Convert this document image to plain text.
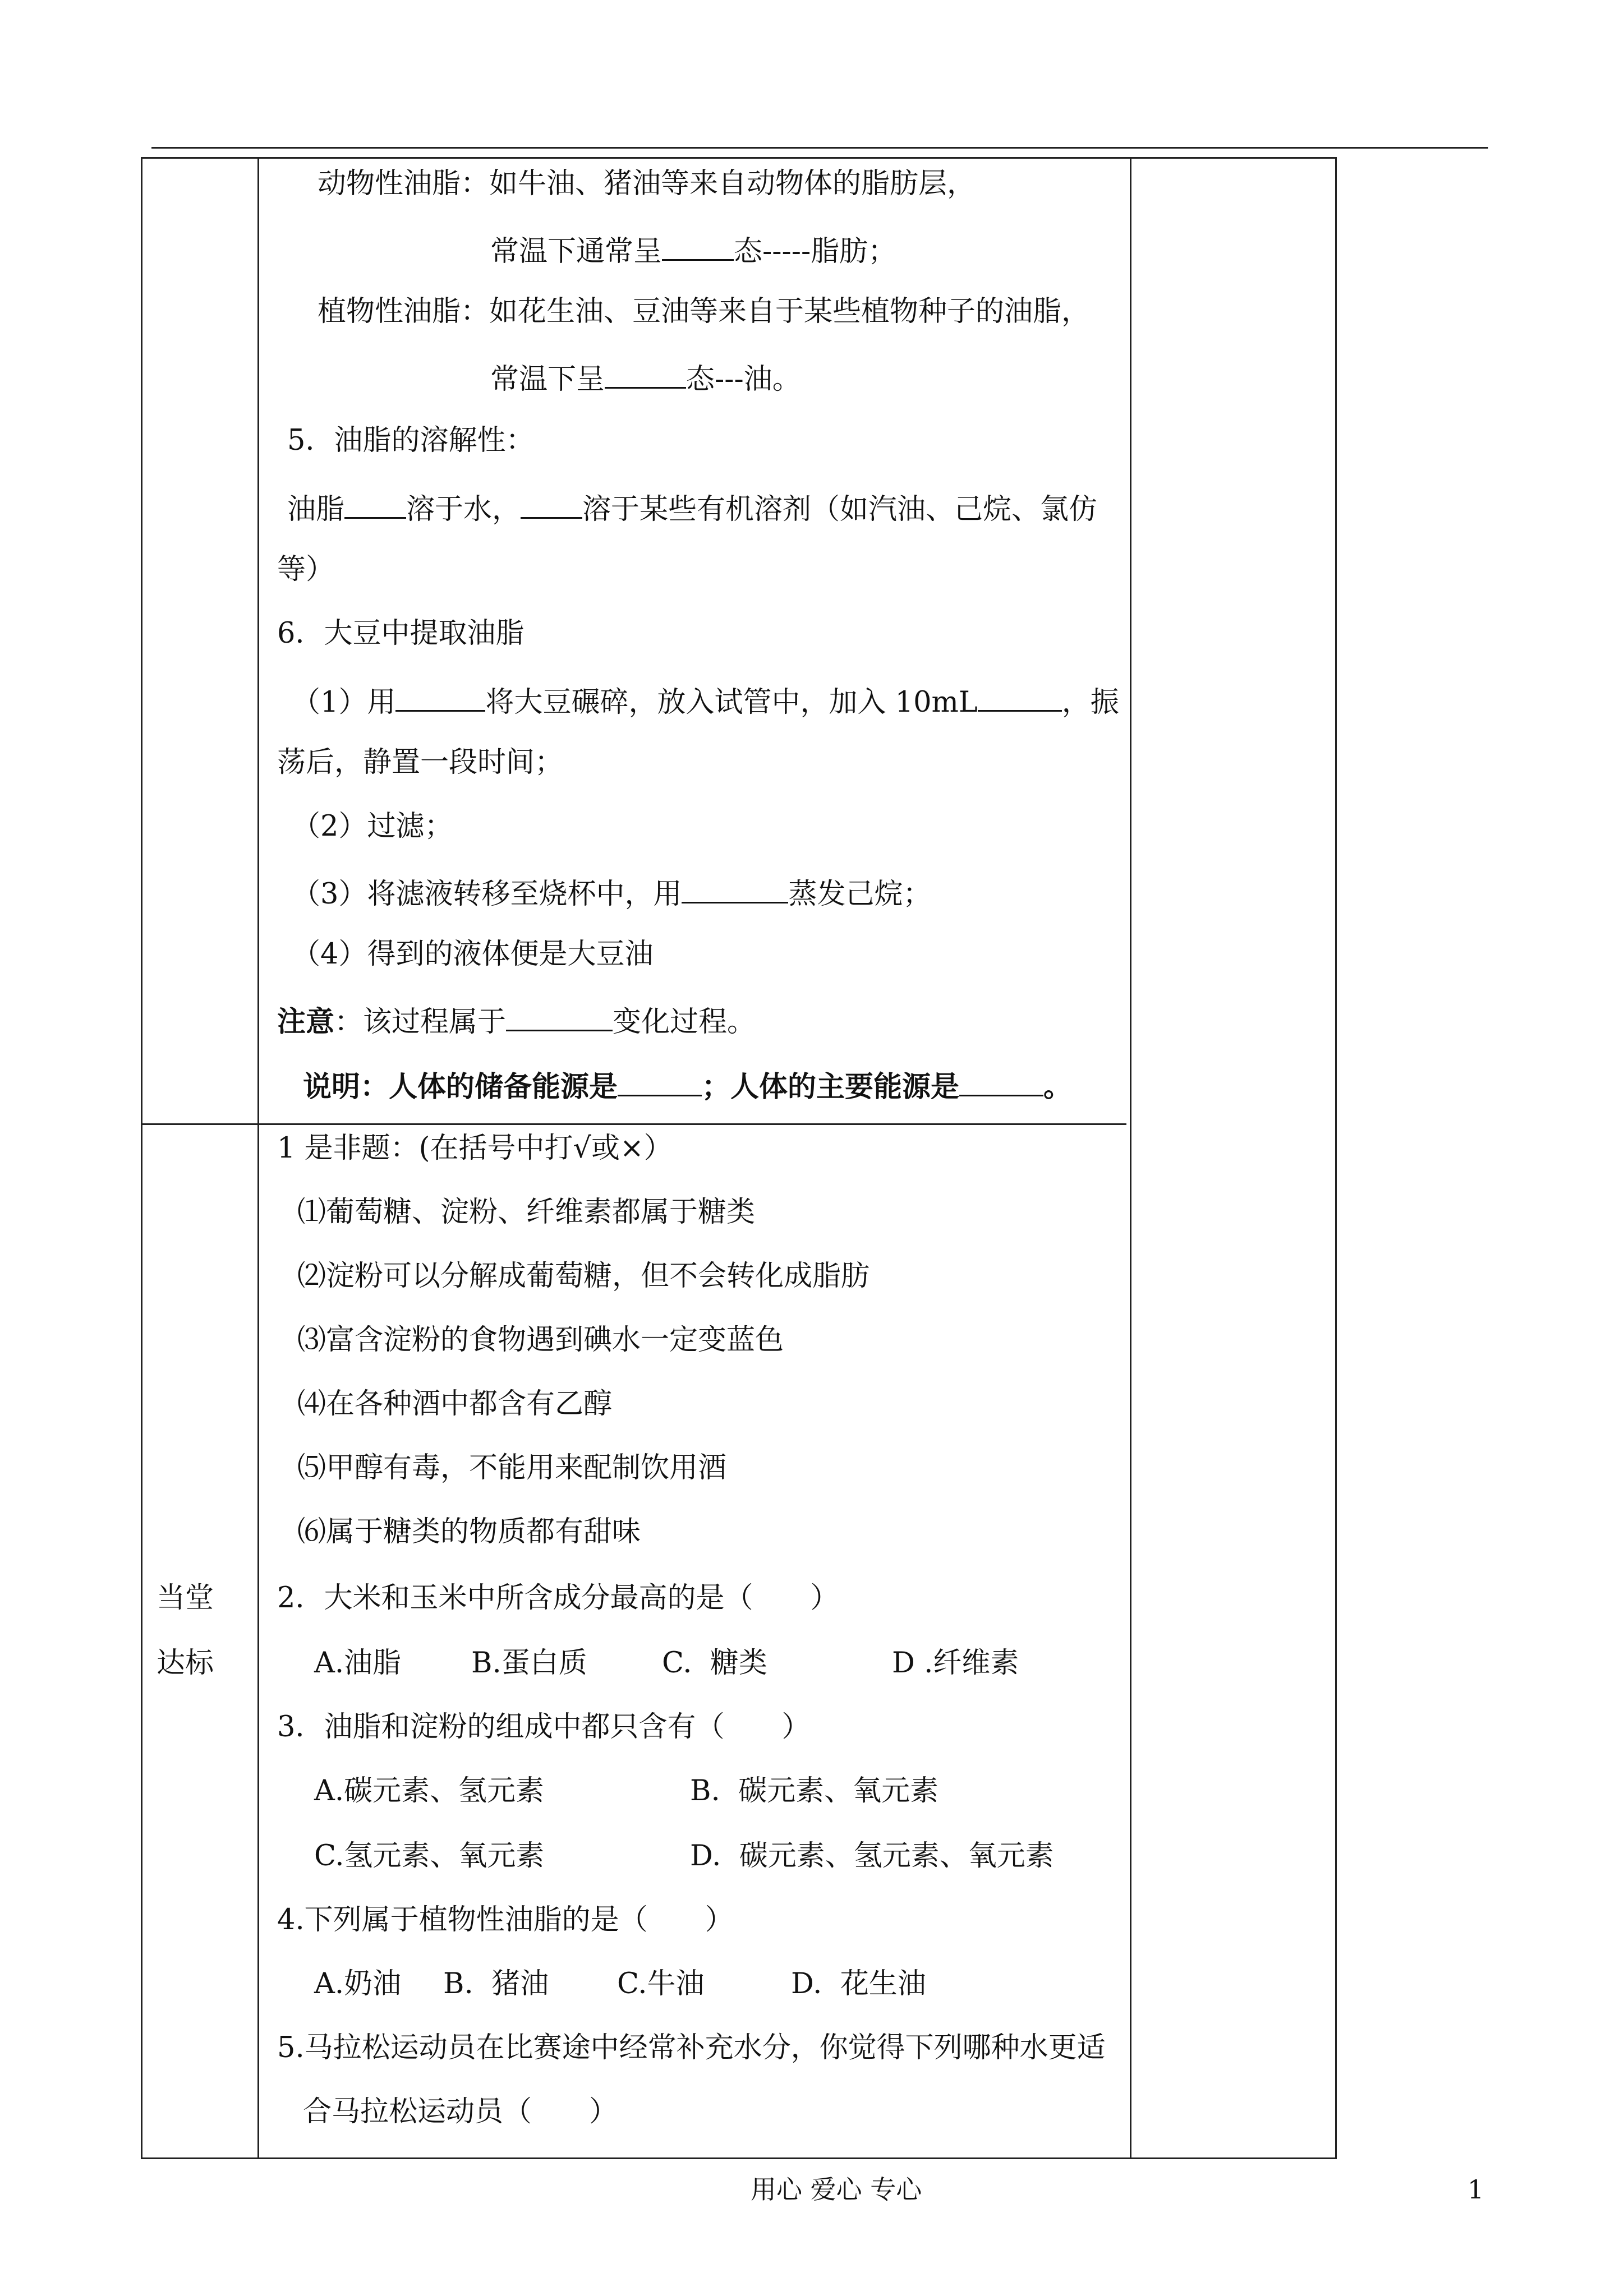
动物性油脂：如牛油、猪油等来自动物体的脂肪层，
常温下通常呈	态-----脂肪；
植物性油脂：如花生油、豆油等来自于某些植物种子的油脂，
常温下呈	态---油。
5．油脂的溶解性：
油脂 溶于水， 溶于某些有机溶剂（如汽油、己烷、氯仿
等）
6．大豆中提取油脂
（1）用	将大豆碾碎，放入试管中，加入 10mL	，振
荡后，静置一段时间；
（2）过滤；
（3）将滤液转移至烧杯中，用	蒸发己烷；
（4）得到的液体便是大豆油
注意：该过程属于	变化过程。
说明：人体的储备能源是	；人体的主要能源是	。
当堂
达标
1 是非题：(在括号中打√或×）
⑴葡萄糖、淀粉、纤维素都属于糖类
⑵淀粉可以分解成葡萄糖，但不会转化成脂肪
⑶富含淀粉的食物遇到碘水一定变蓝色
⑷在各种酒中都含有乙醇
⑸甲醇有毒，不能用来配制饮用酒
⑹属于糖类的物质都有甜味
2．大米和玉米中所含成分最高的是（　　）
A.油脂 B.蛋白质	C.  糖类	D .纤维素
3．油脂和淀粉的组成中都只含有（　　）
A.碳元素、氢元素	B.  碳元素、氧元素
C.氢元素、氧元素	D.  碳元素、氢元素、氧元素
4.下列属于植物性油脂的是（　　）
A.奶油 B.  猪油 C.牛油	D.  花生油
5.马拉松运动员在比赛途中经常补充水分，你觉得下列哪种水更适
合马拉松运动员（　　）
用心 爱心 专心	1
